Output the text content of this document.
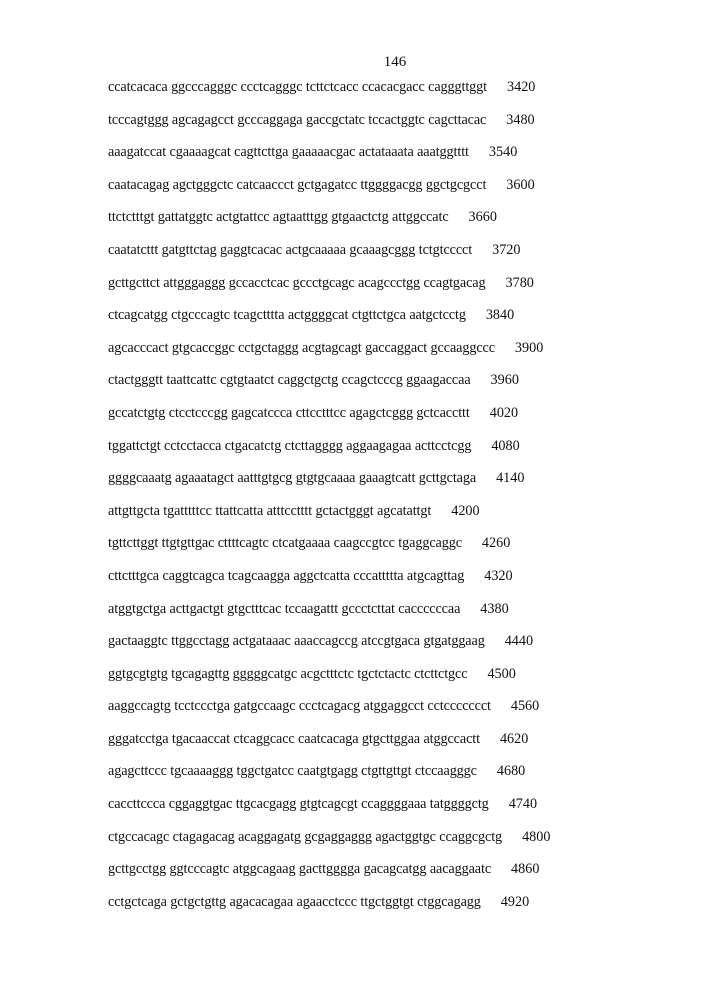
146
ccatcacaca ggcccagggc ccctcagggc tcttctcacc ccacacgacc cagggttggt 3420
tcccagtggg agcagagcct gcccaggaga gaccgctatc tccactggtc cagcttacac 3480
aaagatccat cgaaaagcat cagttcttga gaaaaacgac actataaata aaatggtttt 3540
caatacagag agctgggctc catcaaccct gctgagatcc ttggggacgg ggctgcgcct 3600
ttctctttgt gattatggtc actgtattcc agtaatttgg gtgaactctg attggccatc 3660
caatatcttt gatgttctag gaggtcacac actgcaaaaa gcaaagcggg tctgtcccct 3720
gcttgcttct attgggaggg gccacctcac gccctgcagc acagccctgg ccagtgacag 3780
ctcagcatgg ctgcccagtc tcagctttta actggggcat ctgttctgca aatgctcctg 3840
agcacccact gtgcaccggc cctgctaggg acgtagcagt gaccaggact gccaaggccc 3900
ctactgggtt taattcattc cgtgtaatct caggctgctg ccagctcccg ggaagaccaa 3960
gccatctgtg ctcctcccgg gagcatccca cttcctttcc agagctcggg gctcaccttt 4020
tggattctgt cctcctacca ctgacatctg ctcttagggg aggaagagaa acttcctcgg 4080
ggggcaaatg agaaatagct aatttgtgcg gtgtgcaaaa gaaagtcatt gcttgctaga 4140
attgttgcta tgatttttcc ttattcatta atttcctttt gctactgggt agcatattgt 4200
tgttcttggt ttgtgttgac cttttcagtc ctcatgaaaa caagccgtcc tgaggcaggc 4260
cttctttgca caggtcagca tcagcaagga aggctcatta cccattttta atgcagttag 4320
atggtgctga acttgactgt gtgctttcac tccaagattt gccctcttat caccccccaa 4380
gactaaggtc ttggcctagg actgataaac aaaccagccg atccgtgaca gtgatggaag 4440
ggtgcgtgtg tgcagagttg gggggcatgc acgctttctc tgctctactc ctcttctgcc 4500
aaggccagtg tcctccctga gatgccaagc ccctcagacg atggaggcct cctccccccct 4560
gggatcctga tgacaaccat ctcaggcacc caatcacaga gtgcttggaa atggccactt 4620
agagcttccc tgcaaaaggg tggctgatcc caatgtgagg ctgttgttgt ctccaagggc 4680
caccttccca cggaggtgac ttgcacgagg gtgtcagcgt ccaggggaaa tatggggctg 4740
ctgccacagc ctagagacag acaggagatg gcgaggaggg agactggtgc ccaggcgctg 4800
gcttgcctgg ggtcccagtc atggcagaag gacttgggga gacagcatgg aacaggaatc 4860
cctgctcaga gctgctgttg agacacagaa agaacctccc ttgctggtgt ctggcagagg 4920
